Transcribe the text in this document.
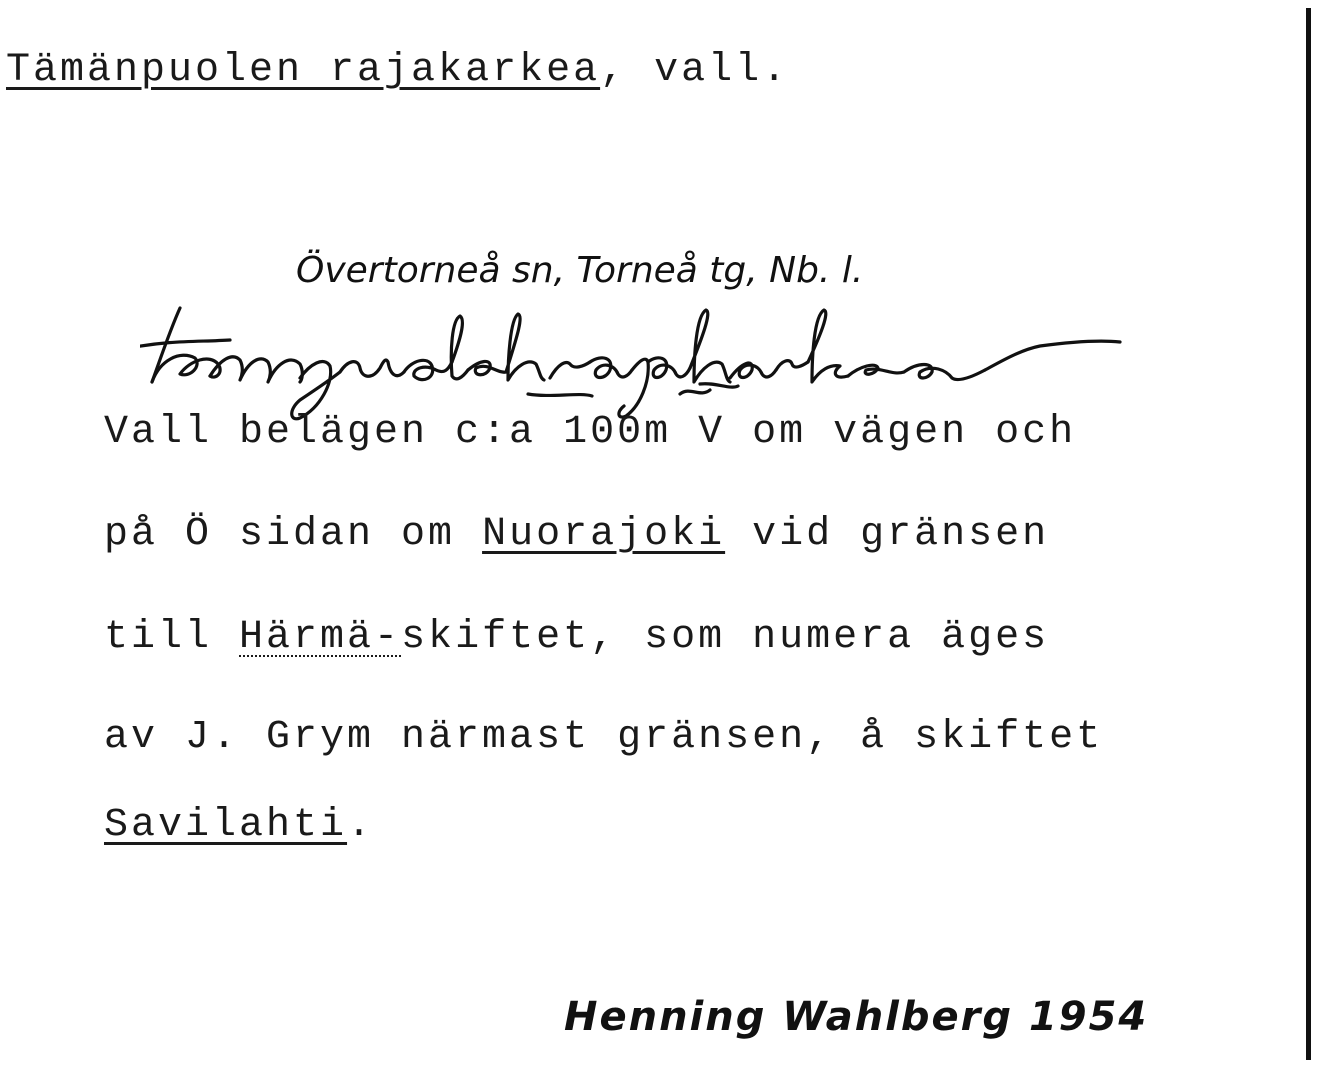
Tämänpuolen rajakarkea, vall.
Övertorneå sn, Torneå tg, Nb. l.
Vall belägen c:a 100m V om vägen och
på Ö sidan om Nuorajoki vid gränsen
till Härmä-skiftet, som numera äges
av J. Grym närmast gränsen, å skiftet
Savilahti.
Henning Wahlberg 1954
